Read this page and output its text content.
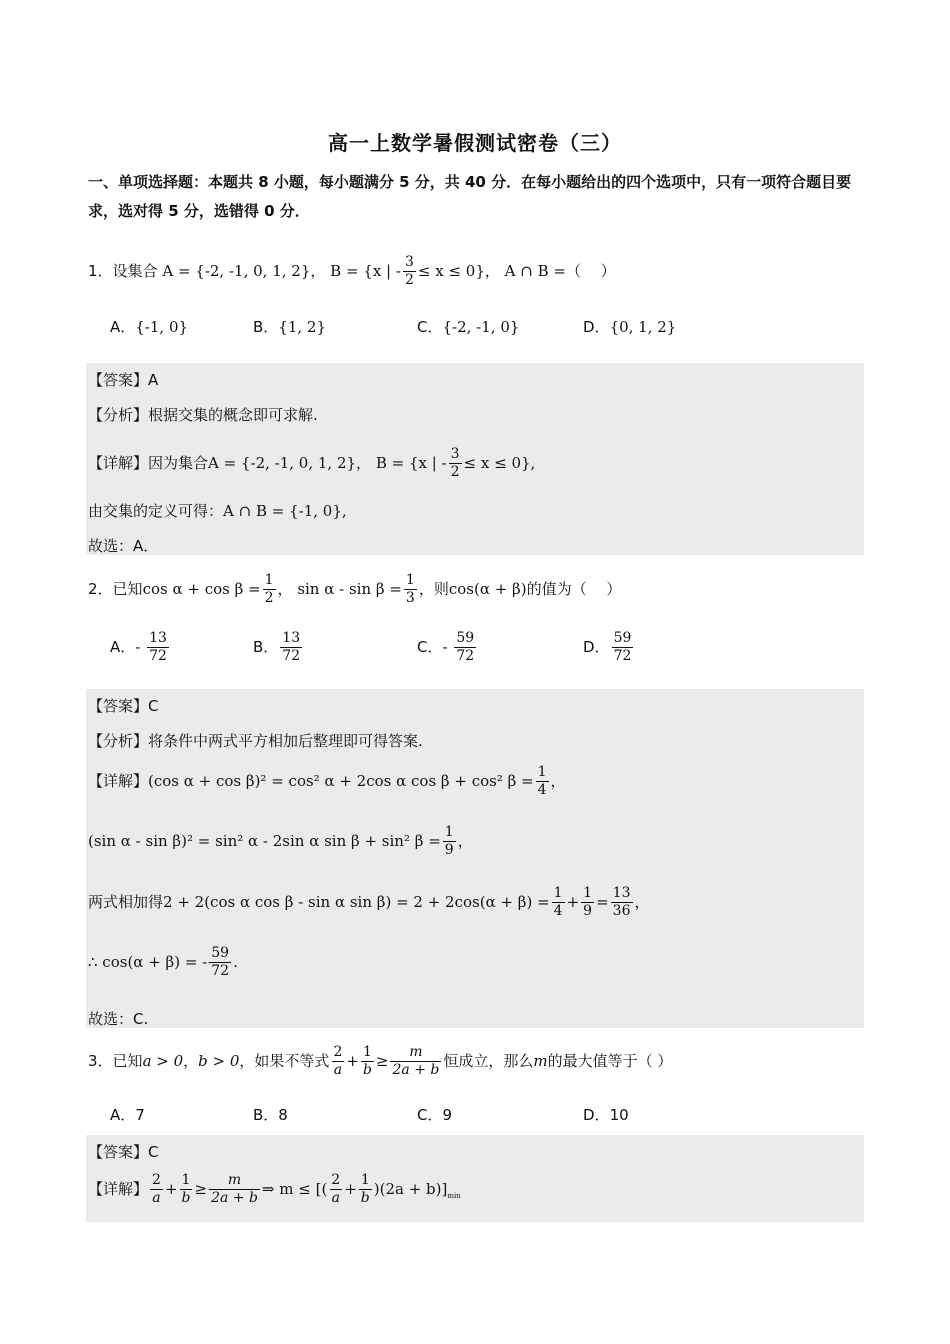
高一上数学暑假测试密卷（三）
一、单项选择题：本题共 8 小题，每小题满分 5 分，共 40 分．在每小题给出的四个选项中，只有一项符合题目要求，选对得 5 分，选错得 0 分．
1．设集合 A = {-2, -1, 0, 1, 2}， B = {x | - $\frac{3}{2} \le x \le 0$}， A ∩ B =（　 ）
A．{-1, 0}	B．{1, 2}	C．{-2, -1, 0}	D．{0, 1, 2}
【答案】A
【分析】根据交集的概念即可求解.
【详解】因为集合A = {-2, -1, 0, 1, 2}， B = {x | - $\frac{3}{2} \le x \le 0$},
由交集的定义可得：A ∩ B = {-1, 0},
故选：A．
2．已知$\cos \alpha + \cos \beta = \frac{1}{2}$ ， $\sin \alpha - \sin \beta = \frac{1}{3}$ ，则cos(α + β)的值为（　 ）
A．- $\frac{13}{72}$	B． $\frac{13}{72}$	C．- $\frac{59}{72}$	D． $\frac{59}{72}$
【答案】C
【分析】将条件中两式平方相加后整理即可得答案.
【详解】(cos α + cos β)² = cos² α + 2cos α cos β + cos² $\beta = \frac{1}{4}$ ，
(sin α - sin β)² = sin² α - 2sin α sin β + sin² $\beta = \frac{1}{9}$ ，
两式相加得2 + 2(cos α cos β - sin α $\sin \beta) = 2 + 2\cos(\alpha + \beta) = \frac{1}{4} + \frac{1}{9} = \frac{13}{36}$ ，
∴ cos(α + β) = - $\frac{59}{72}$ .
故选：C.
3．已知a > 0，b > 0，如果不等式 $\frac{2}{a} + \frac{1}{b} \ge \frac{m}{2a + b}$ 恒成立，那么m的最大值等于（ ）
A．7	B．8	C．9	D．10
【答案】C
【详解】 $\frac{2}{a} + \frac{1}{b} \ge \frac{m}{2a + b}$ ⇒ m ≤ [( $\frac{2}{a} + \frac{1}{b} )(2a + b)]_{min}$
